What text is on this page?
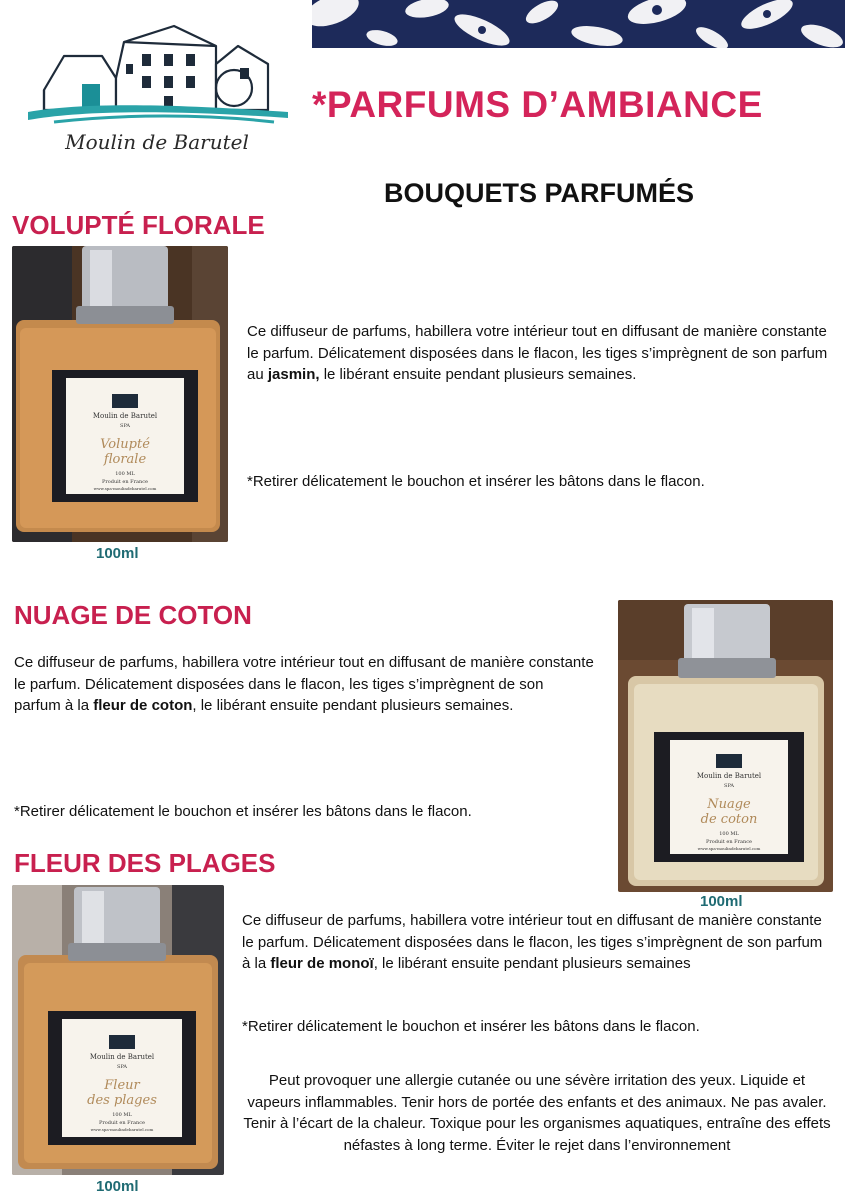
Moulin de Barutel
*PARFUMS D’AMBIANCE
BOUQUETS PARFUMÉS
VOLUPTÉ FLORALE
Moulin de Barutel
SPA
Volupté
florale
100 ML
Produit en France
www.spa-moulindebarutel.com
100ml
Ce diffuseur de parfums, habillera votre intérieur tout en diffusant de manière constante le parfum. Délicatement disposées dans le flacon, les tiges s’imprègnent de son parfum au jasmin, le libérant ensuite pendant plusieurs semaines.
*Retirer délicatement le bouchon et insérer les bâtons dans le flacon.
NUAGE DE COTON
Ce diffuseur de parfums, habillera votre intérieur tout en diffusant de manière constante le parfum. Délicatement disposées dans le flacon, les tiges s’imprègnent de son parfum à la fleur de coton, le libérant ensuite pendant plusieurs semaines.
*Retirer délicatement le bouchon et insérer les bâtons dans le flacon.
Moulin de Barutel
SPA
Nuage
de coton
100 ML
Produit en France
www.spa-moulindebarutel.com
100ml
FLEUR DES PLAGES
Moulin de Barutel
SPA
Fleur
des plages
100 ML
Produit en France
www.spa-moulindebarutel.com
100ml
Ce diffuseur de parfums, habillera votre intérieur tout en diffusant de manière constante le parfum. Délicatement disposées dans le flacon, les tiges s’imprègnent de son parfum à la fleur de monoï, le libérant ensuite pendant plusieurs semaines
*Retirer délicatement le bouchon et insérer les bâtons dans le flacon.
Peut provoquer une allergie cutanée ou une sévère irritation des yeux. Liquide et vapeurs inflammables. Tenir hors de portée des enfants et des animaux. Ne pas avaler. Tenir à l’écart de la chaleur. Toxique pour les organismes aquatiques, entraîne des effets néfastes à long terme. Éviter le rejet dans l’environnement
